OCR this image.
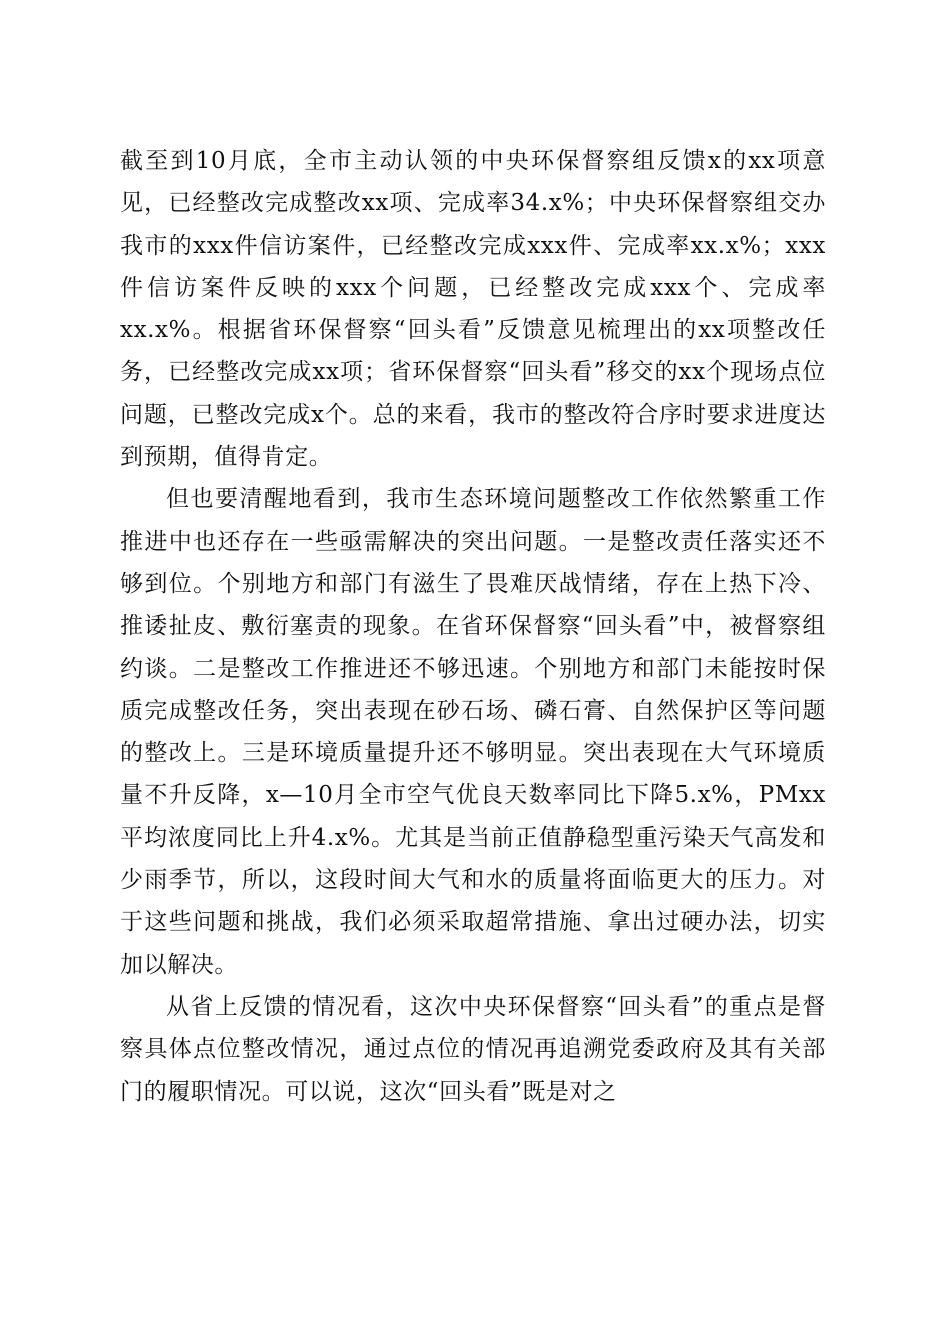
截至到10月底，全市主动认领的中央环保督察组反馈x的xx项意见，已经整改完成整改xx项、完成率34.x%；中央环保督察组交办我市的xxx件信访案件，已经整改完成xxx件、完成率xx.x%；xxx件信访案件反映的xxx个问题，已经整改完成xxx个、完成率xx.x%。根据省环保督察“回头看”反馈意见梳理出的xx项整改任务，已经整改完成xx项；省环保督察“回头看”移交的xx个现场点位问题，已整改完成x个。总的来看，我市的整改符合序时要求进度达到预期，值得肯定。

但也要清醒地看到，我市生态环境问题整改工作依然繁重工作推进中也还存在一些亟需解决的突出问题。一是整改责任落实还不够到位。个别地方和部门有滋生了畏难厌战情绪，存在上热下冷、推诿扯皮、敷衍塞责的现象。在省环保督察“回头看”中，被督察组约谈。二是整改工作推进还不够迅速。个别地方和部门未能按时保质完成整改任务，突出表现在砂石场、磷石膏、自然保护区等问题的整改上。三是环境质量提升还不够明显。突出表现在大气环境质量不升反降，x—10月全市空气优良天数率同比下降5.x%，PMxx平均浓度同比上升4.x%。尤其是当前正值静稳型重污染天气高发和少雨季节，所以，这段时间大气和水的质量将面临更大的压力。对于这些问题和挑战，我们必须采取超常措施、拿出过硬办法，切实加以解决。

从省上反馈的情况看，这次中央环保督察“回头看”的重点是督察具体点位整改情况，通过点位的情况再追溯党委政府及其有关部门的履职情况。可以说，这次“回头看”既是对之
